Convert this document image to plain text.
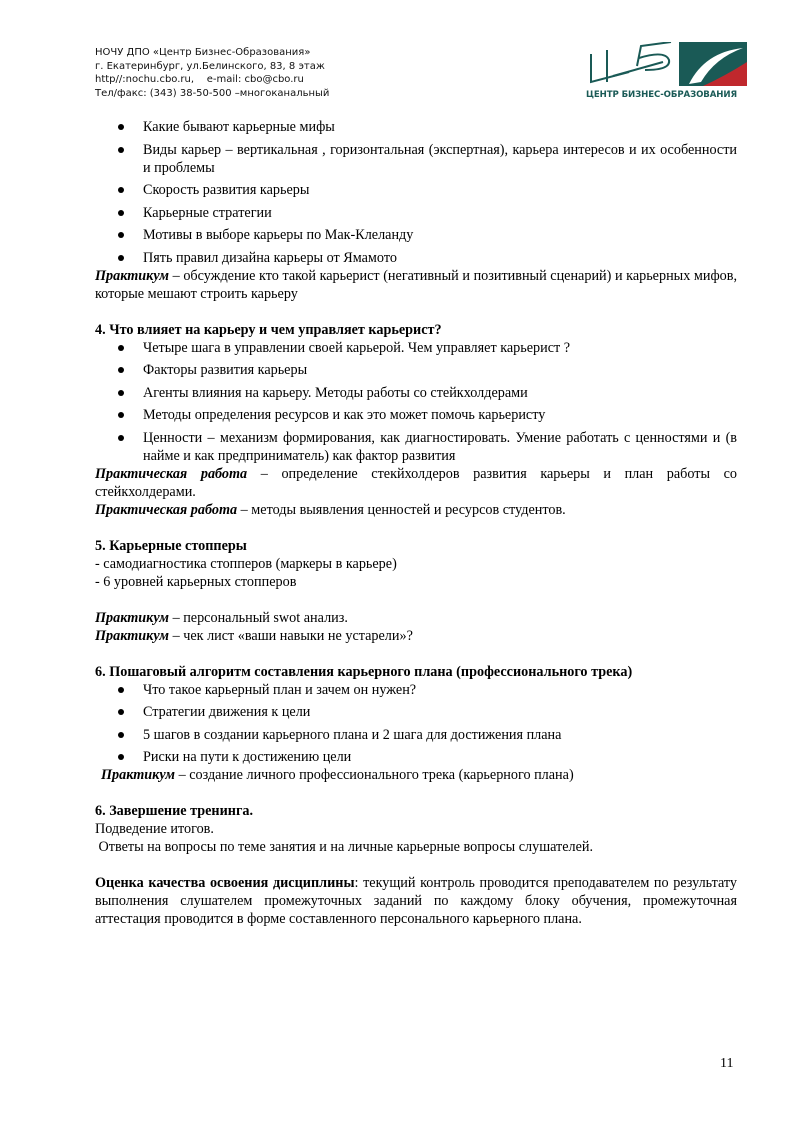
НОЧУ ДПО «Центр Бизнес-Образования»
г. Екатеринбург, ул.Белинского, 83, 8 этаж
http//:nochu.cbo.ru,    e-mail: cbo@cbo.ru
Тел/факс: (343) 38-50-500 –многоканальный	ЦЕНТР БИЗНЕС-ОБРАЗОВАНИЯ
Какие бывают карьерные мифы
Виды карьер – вертикальная , горизонтальная (экспертная), карьера интересов и их особенности и проблемы
Скорость развития карьеры
Карьерные стратегии
Мотивы в выборе карьеры по Мак-Клеланду
Пять правил дизайна карьеры от Ямамото

Практикум – обсуждение кто такой карьерист (негативный и позитивный сценарий) и карьерных мифов, которые мешают строить карьеру

4. Что влияет на карьеру и чем управляет карьерист?

Четыре шага в управлении своей карьерой. Чем управляет карьерист ?
Факторы развития карьеры
Агенты влияния на карьеру. Методы работы со стейкхолдерами
Методы определения ресурсов и как это может помочь карьеристу
Ценности – механизм формирования, как диагностировать. Умение работать с ценностями и (в найме и как предприниматель) как фактор развития

Практическая работа – определение стекйхолдеров развития карьеры и план работы со стейкхолдерами.

Практическая работа – методы выявления ценностей и ресурсов студентов.

5. Карьерные стопперы

- самодиагностика стопперов (маркеры в карьере)

- 6 уровней карьерных стопперов

Практикум – персональный swot анализ.

Практикум – чек лист «ваши навыки не устарели»?

6. Пошаговый алгоритм составления карьерного плана (профессионального трека)

Что такое карьерный план и зачем он нужен?
Стратегии движения к цели
5 шагов в создании карьерного плана и 2 шага для достижения плана
Риски на пути к достижению цели

Практикум – создание личного профессионального трека (карьерного плана)

6. Завершение тренинга.

Подведение итогов.

Ответы на вопросы по теме занятия и на личные карьерные вопросы слушателей.

Оценка качества освоения дисциплины: текущий контроль проводится преподавателем по результату выполнения слушателем промежуточных заданий по каждому блоку обучения, промежуточная аттестация проводится в форме составленного персонального карьерного плана.

11
